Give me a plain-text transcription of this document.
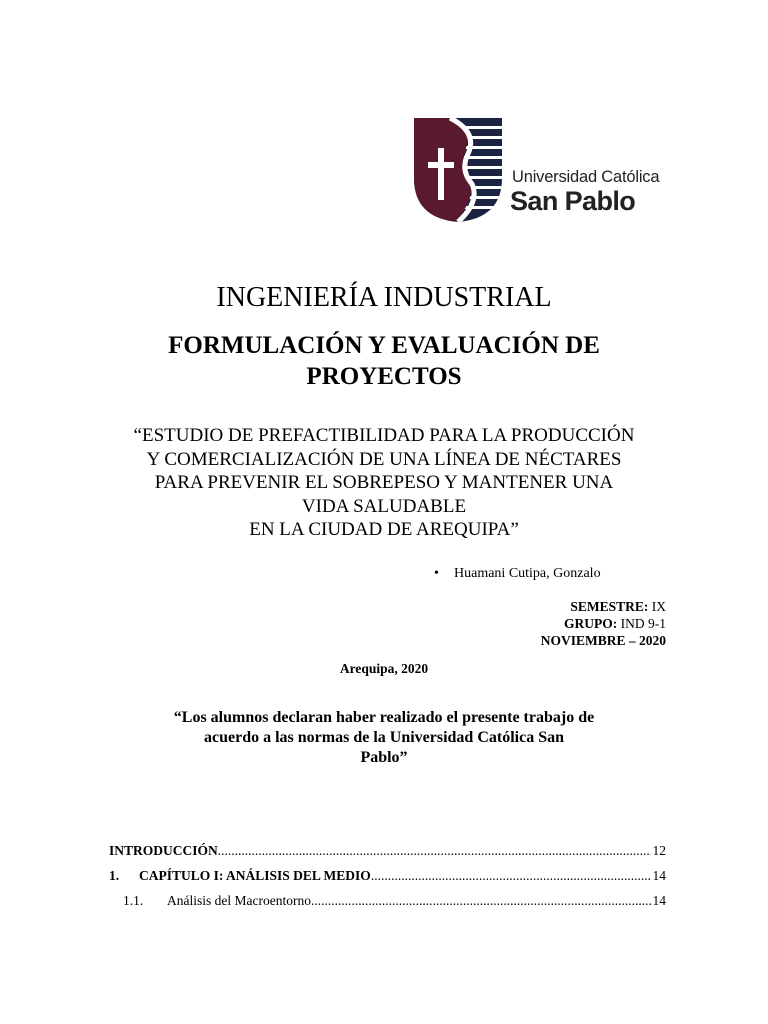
Universidad Católica
San Pablo
INGENIERÍA INDUSTRIAL
FORMULACIÓN Y EVALUACIÓN DE
PROYECTOS
“ESTUDIO DE PREFACTIBILIDAD PARA LA PRODUCCIÓN
Y COMERCIALIZACIÓN DE UNA LÍNEA DE NÉCTARES
PARA PREVENIR EL SOBREPESO Y MANTENER UNA
VIDA SALUDABLE
EN LA CIUDAD DE AREQUIPA”
•	Huamani Cutipa, Gonzalo
SEMESTRE: IX
GRUPO: IND 9-1
NOVIEMBRE – 2020
Arequipa, 2020
“Los alumnos declaran haber realizado el presente trabajo de
acuerdo a las normas de la Universidad Católica San
Pablo”
INTRODUCCIÓN .....	12
1.	CAPÍTULO I: ANÁLISIS DEL MEDIO .....	14
1.1.	Análisis del Macroentorno .....	14
